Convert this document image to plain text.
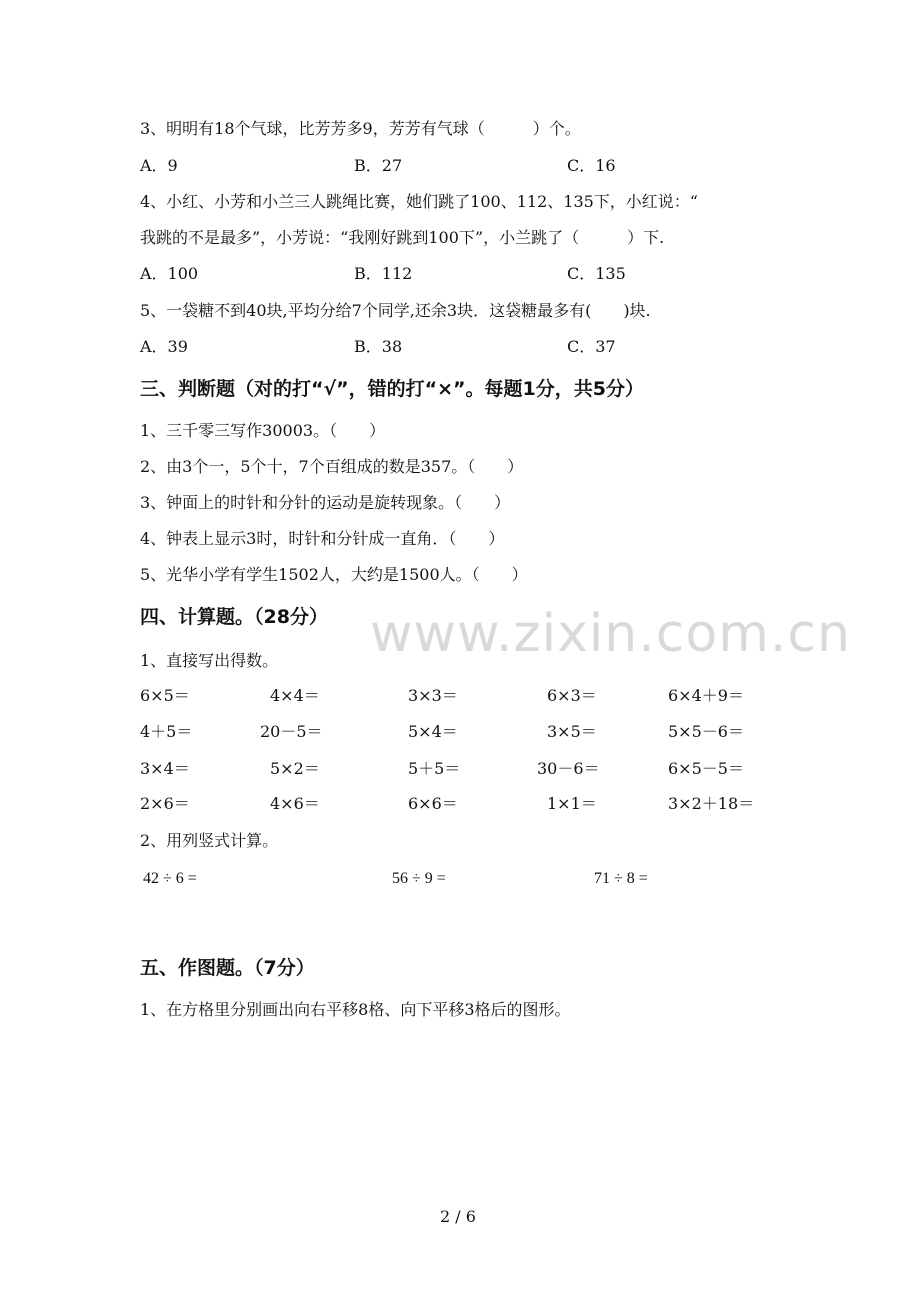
www.zixin.com.cn
3、明明有18个气球，比芳芳多9，芳芳有气球（　　　）个。
A．9	B．27	C．16
4、小红、小芳和小兰三人跳绳比赛，她们跳了100、112、135下，小红说：“
我跳的不是最多”，小芳说：“我刚好跳到100下”，小兰跳了（　　　）下.
A．100	B．112	C．135
5、一袋糖不到40块,平均分给7个同学,还余3块．这袋糖最多有(　　)块.
A．39	B．38	C．37
三、判断题（对的打“√”，错的打“×”。每题1分，共5分）
1、三千零三写作30003。（　　）
2、由3个一，5个十，7个百组成的数是357。（　　）
3、钟面上的时针和分针的运动是旋转现象。（　　）
4、钟表上显示3时，时针和分针成一直角．（　　）
5、光华小学有学生1502人，大约是1500人。（　　）
四、计算题。（28分）
1、直接写出得数。
6×5＝	4×4＝	3×3＝	6×3＝	6×4＋9＝
4＋5＝	20－5＝	5×4＝	3×5＝	5×5－6＝
3×4＝	5×2＝	5＋5＝	30－6＝	6×5－5＝
2×6＝	4×6＝	6×6＝	1×1＝	3×2＋18＝
2、用列竖式计算。
42 ÷ 6 =	56 ÷ 9 =	71 ÷ 8 =
五、作图题。（7分）
1、在方格里分别画出向右平移8格、向下平移3格后的图形。
2 / 6
